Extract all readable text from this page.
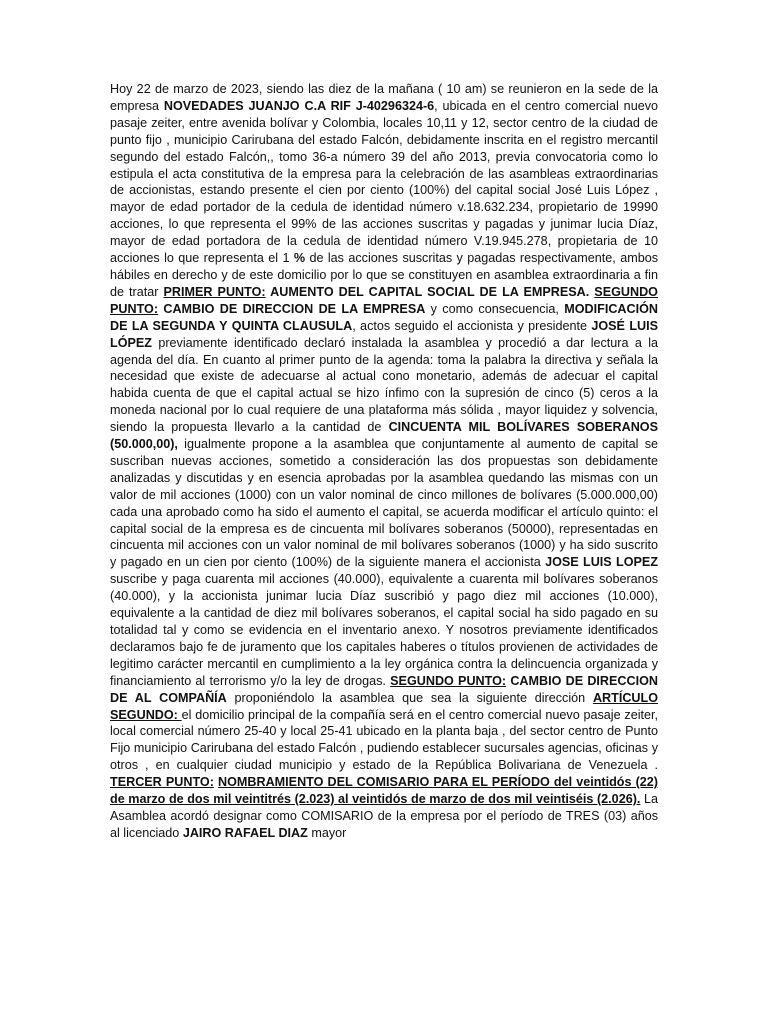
Hoy 22 de marzo de 2023, siendo las diez de la mañana ( 10 am) se reunieron en la sede de la empresa NOVEDADES JUANJO C.A RIF J-40296324-6, ubicada en el centro comercial nuevo pasaje zeiter, entre avenida bolívar y Colombia, locales 10,11 y 12, sector centro de la ciudad de punto fijo , municipio Carirubana del estado Falcón, debidamente inscrita en el registro mercantil segundo del estado Falcón,, tomo 36-a número 39 del año 2013, previa convocatoria como lo estipula el acta constitutiva de la empresa para la celebración de las asambleas extraordinarias de accionistas, estando presente el cien por ciento (100%) del capital social José Luis López , mayor de edad portador de la cedula de identidad número v.18.632.234, propietario de 19990 acciones, lo que representa el 99% de las acciones suscritas y pagadas y junimar lucia Díaz, mayor de edad portadora de la cedula de identidad número V.19.945.278, propietaria de 10 acciones lo que representa el 1 % de las acciones suscritas y pagadas respectivamente, ambos hábiles en derecho y de este domicilio por lo que se constituyen en asamblea extraordinaria a fin de tratar PRIMER PUNTO: AUMENTO DEL CAPITAL SOCIAL DE LA EMPRESA. SEGUNDO PUNTO: CAMBIO DE DIRECCION DE LA EMPRESA y como consecuencia, MODIFICACIÓN DE LA SEGUNDA Y QUINTA CLAUSULA, actos seguido el accionista y presidente JOSÉ LUIS LÓPEZ previamente identificado declaró instalada la asamblea y procedió a dar lectura a la agenda del día. En cuanto al primer punto de la agenda: toma la palabra la directiva y señala la necesidad que existe de adecuarse al actual cono monetario, además de adecuar el capital habida cuenta de que el capital actual se hizo ínfimo con la supresión de cinco (5) ceros a la moneda nacional por lo cual requiere de una plataforma más sólida , mayor liquidez y solvencia, siendo la propuesta llevarlo a la cantidad de CINCUENTA MIL BOLÍVARES SOBERANOS (50.000,00), igualmente propone a la asamblea que conjuntamente al aumento de capital se suscriban nuevas acciones, sometido a consideración las dos propuestas son debidamente analizadas y discutidas y en esencia aprobadas por la asamblea quedando las mismas con un valor de mil acciones (1000) con un valor nominal de cinco millones de bolívares (5.000.000,00) cada una aprobado como ha sido el aumento el capital, se acuerda modificar el artículo quinto: el capital social de la empresa es de cincuenta mil bolívares soberanos (50000), representadas en cincuenta mil acciones con un valor nominal de mil bolívares soberanos (1000) y ha sido suscrito y pagado en un cien por ciento (100%) de la siguiente manera el accionista JOSE LUIS LOPEZ suscribe y paga cuarenta mil acciones (40.000), equivalente a cuarenta mil bolívares soberanos (40.000), y la accionista junimar lucia Díaz suscribió y pago diez mil acciones (10.000), equivalente a la cantidad de diez mil bolívares soberanos, el capital social ha sido pagado en su totalidad tal y como se evidencia en el inventario anexo. Y nosotros previamente identificados declaramos bajo fe de juramento que los capitales haberes o títulos provienen de actividades de legitimo carácter mercantil en cumplimiento a la ley orgánica contra la delincuencia organizada y financiamiento al terrorismo y/o la ley de drogas. SEGUNDO PUNTO: CAMBIO DE DIRECCION DE AL COMPAÑÍA proponiéndolo la asamblea que sea la siguiente dirección ARTÍCULO SEGUNDO: el domicilio principal de la compañía será en el centro comercial nuevo pasaje zeiter, local comercial número 25-40 y local 25-41 ubicado en la planta baja , del sector centro de Punto Fijo municipio Carirubana del estado Falcón , pudiendo establecer sucursales agencias, oficinas y otros , en cualquier ciudad municipio y estado de la República Bolivariana de Venezuela . TERCER PUNTO: NOMBRAMIENTO DEL COMISARIO PARA EL PERÍODO del veintidós (22) de marzo de dos mil veintitrés (2.023) al veintidós de marzo de dos mil veintiséis (2.026). La Asamblea acordó designar como COMISARIO de la empresa por el período de TRES (03) años al licenciado JAIRO RAFAEL DIAZ mayor
